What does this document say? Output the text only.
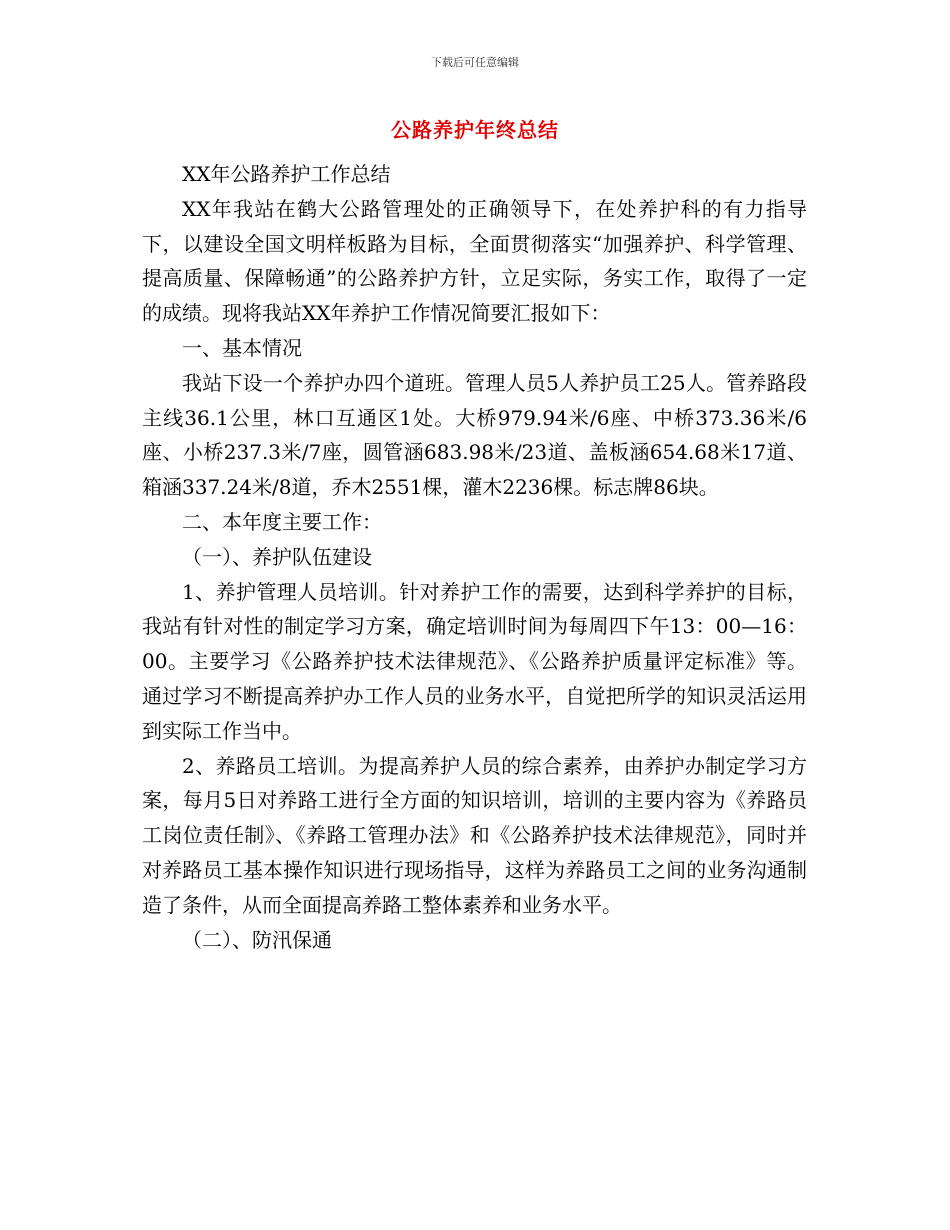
下载后可任意编辑
公路养护年终总结

XX年公路养护工作总结

XX年我站在鹤大公路管理处的正确领导下，在处养护科的有力指导下，以建设全国文明样板路为目标，全面贯彻落实“加强养护、科学管理、提高质量、保障畅通”的公路养护方针，立足实际，务实工作，取得了一定的成绩。现将我站XX年养护工作情况简要汇报如下：

一、基本情况

我站下设一个养护办四个道班。管理人员5人养护员工25人。管养路段主线36.1公里，林口互通区1处。大桥979.94米/6座、中桥373.36米/6座、小桥237.3米/7座，圆管涵683.98米/23道、盖板涵654.68米17道、箱涵337.24米/8道，乔木2551棵，灌木2236棵。标志牌86块。

二、本年度主要工作：

（一）、养护队伍建设

1、养护管理人员培训。针对养护工作的需要，达到科学养护的目标，我站有针对性的制定学习方案，确定培训时间为每周四下午13：00—16：00。主要学习《公路养护技术法律规范》、《公路养护质量评定标准》等。通过学习不断提高养护办工作人员的业务水平，自觉把所学的知识灵活运用到实际工作当中。

2、养路员工培训。为提高养护人员的综合素养，由养护办制定学习方案，每月5日对养路工进行全方面的知识培训，培训的主要内容为《养路员工岗位责任制》、《养路工管理办法》和《公路养护技术法律规范》，同时并对养路员工基本操作知识进行现场指导，这样为养路员工之间的业务沟通制造了条件，从而全面提高养路工整体素养和业务水平。

（二）、防汛保通
